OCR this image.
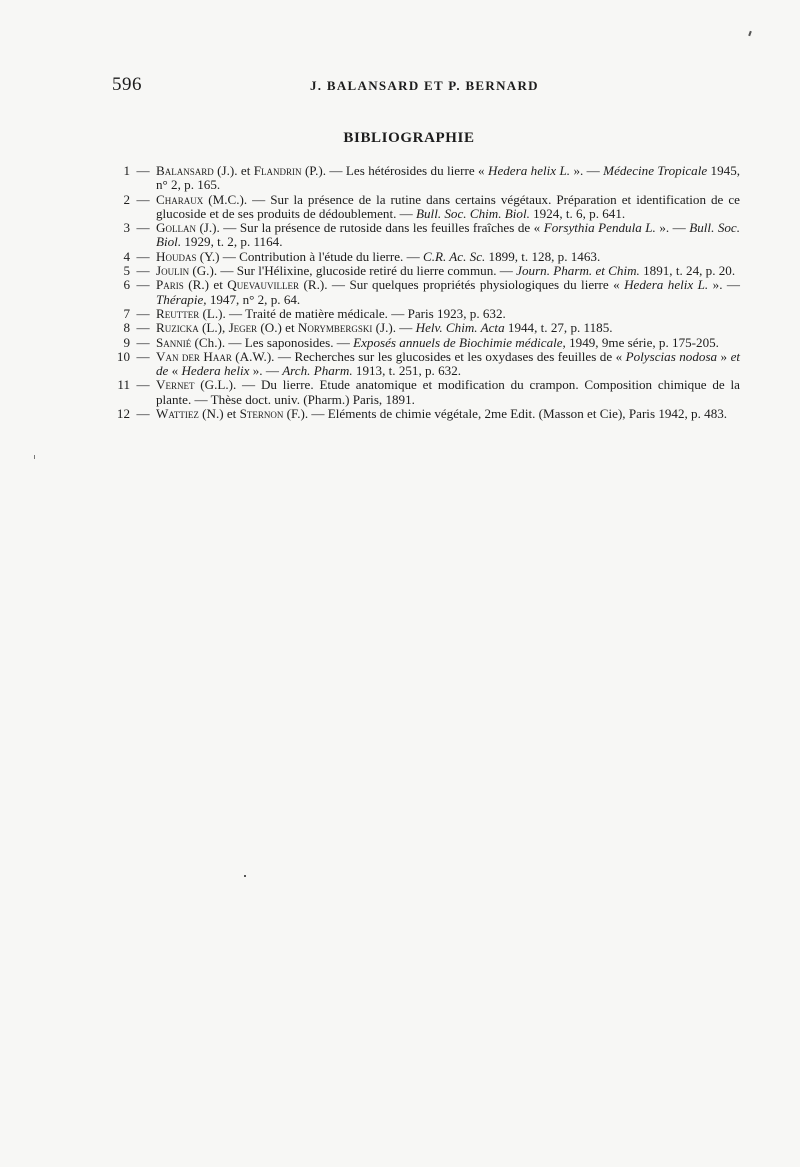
596	J. BALANSARD ET P. BERNARD
BIBLIOGRAPHIE
1 — Balansard (J.). et Flandrin (P.). — Les hétérosides du lierre « Hedera helix L. ». — Médecine Tropicale 1945, n° 2, p. 165.
2 — Charaux (M.C.). — Sur la présence de la rutine dans certains végétaux. Préparation et identification de ce glucoside et de ses produits de dédoublement. — Bull. Soc. Chim. Biol. 1924, t. 6, p. 641.
3 — Gollan (J.). — Sur la présence de rutoside dans les feuilles fraîches de « Forsythia Pendula L. ». — Bull. Soc. Biol. 1929, t. 2, p. 1164.
4 — Houdas (Y.) — Contribution à l'étude du lierre. — C.R. Ac. Sc. 1899, t. 128, p. 1463.
5 — Joulin (G.). — Sur l'Hélixine, glucoside retiré du lierre commun. — Journ. Pharm. et Chim. 1891, t. 24, p. 20.
6 — Paris (R.) et Quevauviller (R.). — Sur quelques propriétés physiologiques du lierre « Hedera helix L. ». — Thérapie, 1947, n° 2, p. 64.
7 — Reutter (L.). — Traité de matière médicale. — Paris 1923, p. 632.
8 — Ruzicka (L.), Jeger (O.) et Norymbergski (J.). — Helv. Chim. Acta 1944, t. 27, p. 1185.
9 — Sannié (Ch.). — Les saponosides. — Exposés annuels de Biochimie médicale, 1949, 9me série, p. 175-205.
10 — Van der Haar (A.W.). — Recherches sur les glucosides et les oxydases des feuilles de « Polyscias nodosa » et de « Hedera helix ». — Arch. Pharm. 1913, t. 251, p. 632.
11 — Vernet (G.L.). — Du lierre. Etude anatomique et modification du crampon. Composition chimique de la plante. — Thèse doct. univ. (Pharm.) Paris, 1891.
12 — Wattiez (N.) et Sternon (F.). — Eléments de chimie végétale, 2me Edit. (Masson et Cie), Paris 1942, p. 483.
